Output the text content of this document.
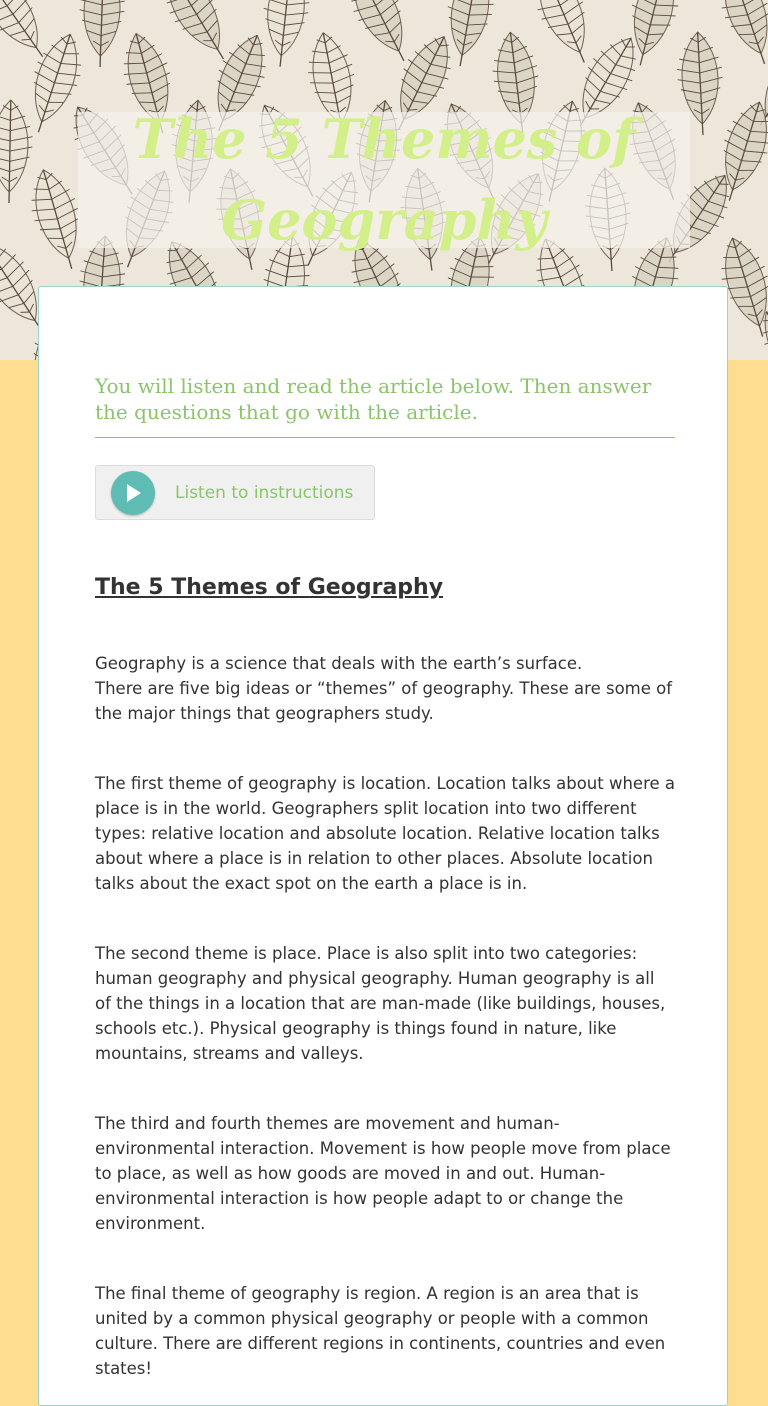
The 5 Themes of Geography

You will listen and read the article below. Then answer the questions that go with the article.

Listen to instructions
The 5 Themes of Geography
Geography is a science that deals with the earth’s surface.
There are five big ideas or “themes” of geography. These are some of the major things that geographers study.
The first theme of geography is location. Location talks about where a place is in the world. Geographers split location into two different types: relative location and absolute location. Relative location talks about where a place is in relation to other places. Absolute location talks about the exact spot on the earth a place is in.
The second theme is place. Place is also split into two categories: human geography and physical geography. Human geography is all of the things in a location that are man-made (like buildings, houses, schools etc.). Physical geography is things found in nature, like mountains, streams and valleys.
The third and fourth themes are movement and human-environmental interaction. Movement is how people move from place to place, as well as how goods are moved in and out. Human-environmental interaction is how people adapt to or change the environment.
The final theme of geography is region. A region is an area that is united by a common physical geography or people with a common culture. There are different regions in continents, countries and even states!
